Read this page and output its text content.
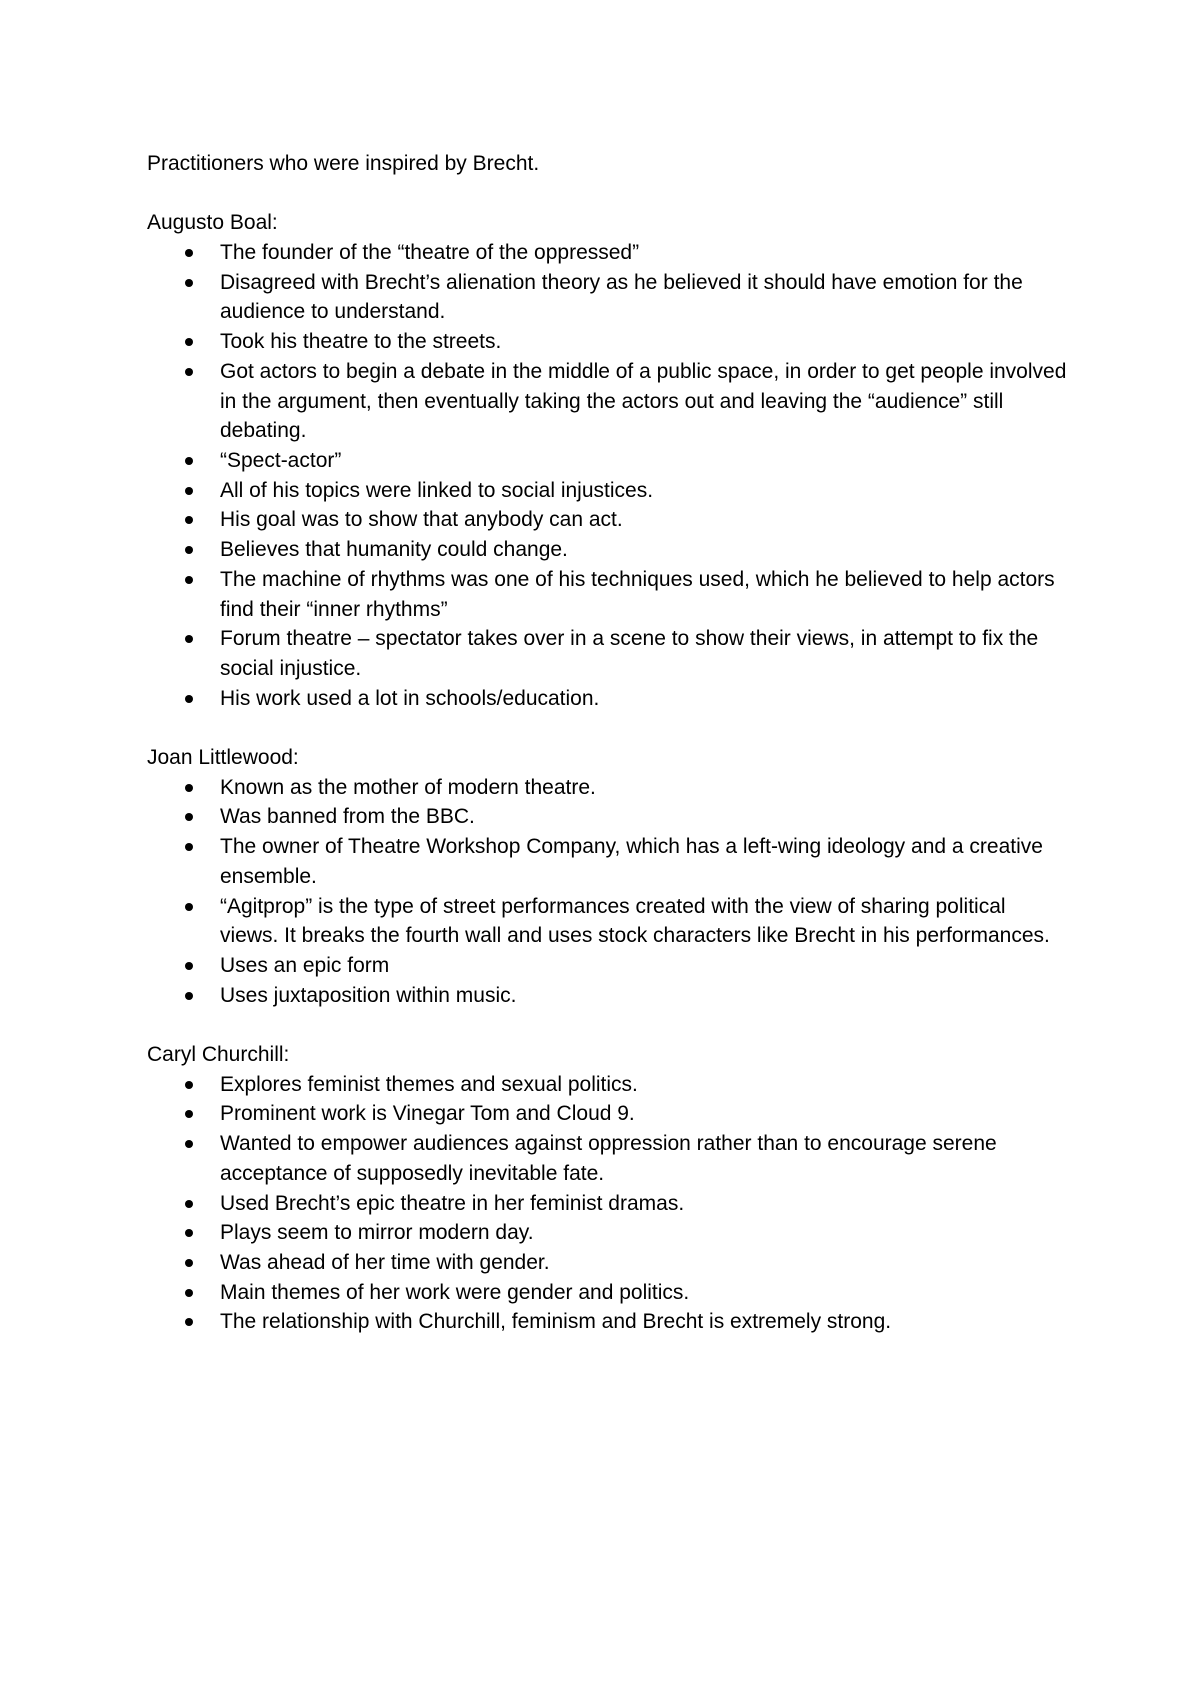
Practitioners who were inspired by Brecht.

Augusto Boal:

The founder of the “theatre of the oppressed”
Disagreed with Brecht’s alienation theory as he believed it should have emotion for the audience to understand.
Took his theatre to the streets.
Got actors to begin a debate in the middle of a public space, in order to get people involved in the argument, then eventually taking the actors out and leaving the “audience” still debating.
“Spect-actor”
All of his topics were linked to social injustices.
His goal was to show that anybody can act.
Believes that humanity could change.
The machine of rhythms was one of his techniques used, which he believed to help actors find their “inner rhythms”
Forum theatre – spectator takes over in a scene to show their views, in attempt to fix the social injustice.
His work used a lot in schools/education.

Joan Littlewood:

Known as the mother of modern theatre.
Was banned from the BBC.
The owner of Theatre Workshop Company, which has a left-wing ideology and a creative ensemble.
“Agitprop” is the type of street performances created with the view of sharing political views. It breaks the fourth wall and uses stock characters like Brecht in his performances.
Uses an epic form
Uses juxtaposition within music.

Caryl Churchill:

Explores feminist themes and sexual politics.
Prominent work is Vinegar Tom and Cloud 9.
Wanted to empower audiences against oppression rather than to encourage serene acceptance of supposedly inevitable fate.
Used Brecht’s epic theatre in her feminist dramas.
Plays seem to mirror modern day.
Was ahead of her time with gender.
Main themes of her work were gender and politics.
The relationship with Churchill, feminism and Brecht is extremely strong.
